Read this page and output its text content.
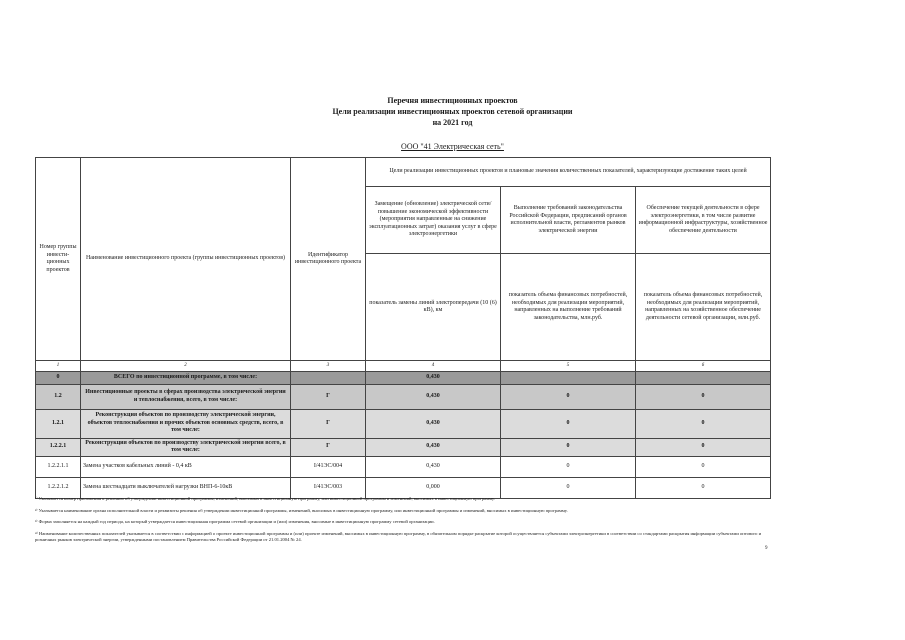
Перечня инвестиционных проектов
Цели реализации инвестиционных проектов сетевой организации
на 2021 год
ООО "41 Электрическая сеть"
Номер группы инвести-ционных проектов	Наименование инвестиционного проекта (группы инвестиционных проектов)	Идентификатор инвестиционного проекта	Цели реализации инвестиционных проектов и плановые значения количественных показателей, характеризующие достижение таких целей		
			Замещение (обновление) электрической сети/повышение экономической эффективности (мероприятия направленные на снижение эксплуатационных затрат) оказания услуг в сфере электроэнергетики	Выполнение требований законодательства Российской Федерации, предписаний органов исполнительной власти, регламентов рынков электрической энергии	Обеспечение текущей деятельности в сфере электроэнергетики, в том числе развитие информационной инфраструктуры, хозяйственное обеспечение деятельности
			показатель замены линий электропередачи (10 (6) кВ), км	показатель объема финансовых потребностей, необходимых для реализации мероприятий, направленных на выполнение требований законодательства, млн.руб.	показатель объема финансовых потребностей, необходимых для реализации мероприятий, направленных на хозяйственное обеспечение деятельности сетевой организации, млн.руб.
1	2	3	4	5	6
0	ВСЕГО по инвестиционной программе, в том числе:		0,430		
1.2	Инвестиционные проекты в сферах производства электрической энергии и теплоснабжения, всего, в том числе:	Г	0,430	0	0
1.2.1	Реконструкция объектов по производству электрической энергии, объектов теплоснабжения и прочих объектов основных средств, всего, в том числе:	Г	0,430	0	0
1.2.2.1	Реконструкция объектов по производству электрической энергии всего, в том числе:	Г	0,430	0	0
1.2.2.1.1	Замена участков кабельных линий - 0,4 кВ	I/41ЭС/004	0,430	0	0
1.2.2.1.2	Замена шестнадцати выключателей нагрузки ВНП-6-10кВ	I/41ЭС/003	0,000	0	0

¹⁾ Указывается номер приложения к решению об утверждении инвестиционной программы, изменений, вносимых в инвестиционную программу, или инвестиционной программы и изменений, вносимых в инвестиционную программу.

²⁾ Указывается наименование органа исполнительной власти и реквизиты решения об утверждении инвестиционной программы, изменений, вносимых в инвестиционную программу, или инвестиционной программы и изменений, вносимых в инвестиционную программу.

³⁾ Форма заполняется на каждый год периода, на который утверждается инвестиционная программа сетевой организации и (или) изменения, вносимые в инвестиционную программу сетевой организации.

⁴⁾ Наименование количественных показателей указывается в соответствии с информацией о проекте инвестиционной программы и (или) проекте изменений, вносимых в инвестиционную программу, в обязательном порядке раскрытие которой осуществляется субъектами электроэнергетики в соответствии со стандартами раскрытия информации субъектами оптового и розничных рынков электрической энергии, утвержденными постановлением Правительства Российской Федерации от 21.01.2004 № 24.

9
